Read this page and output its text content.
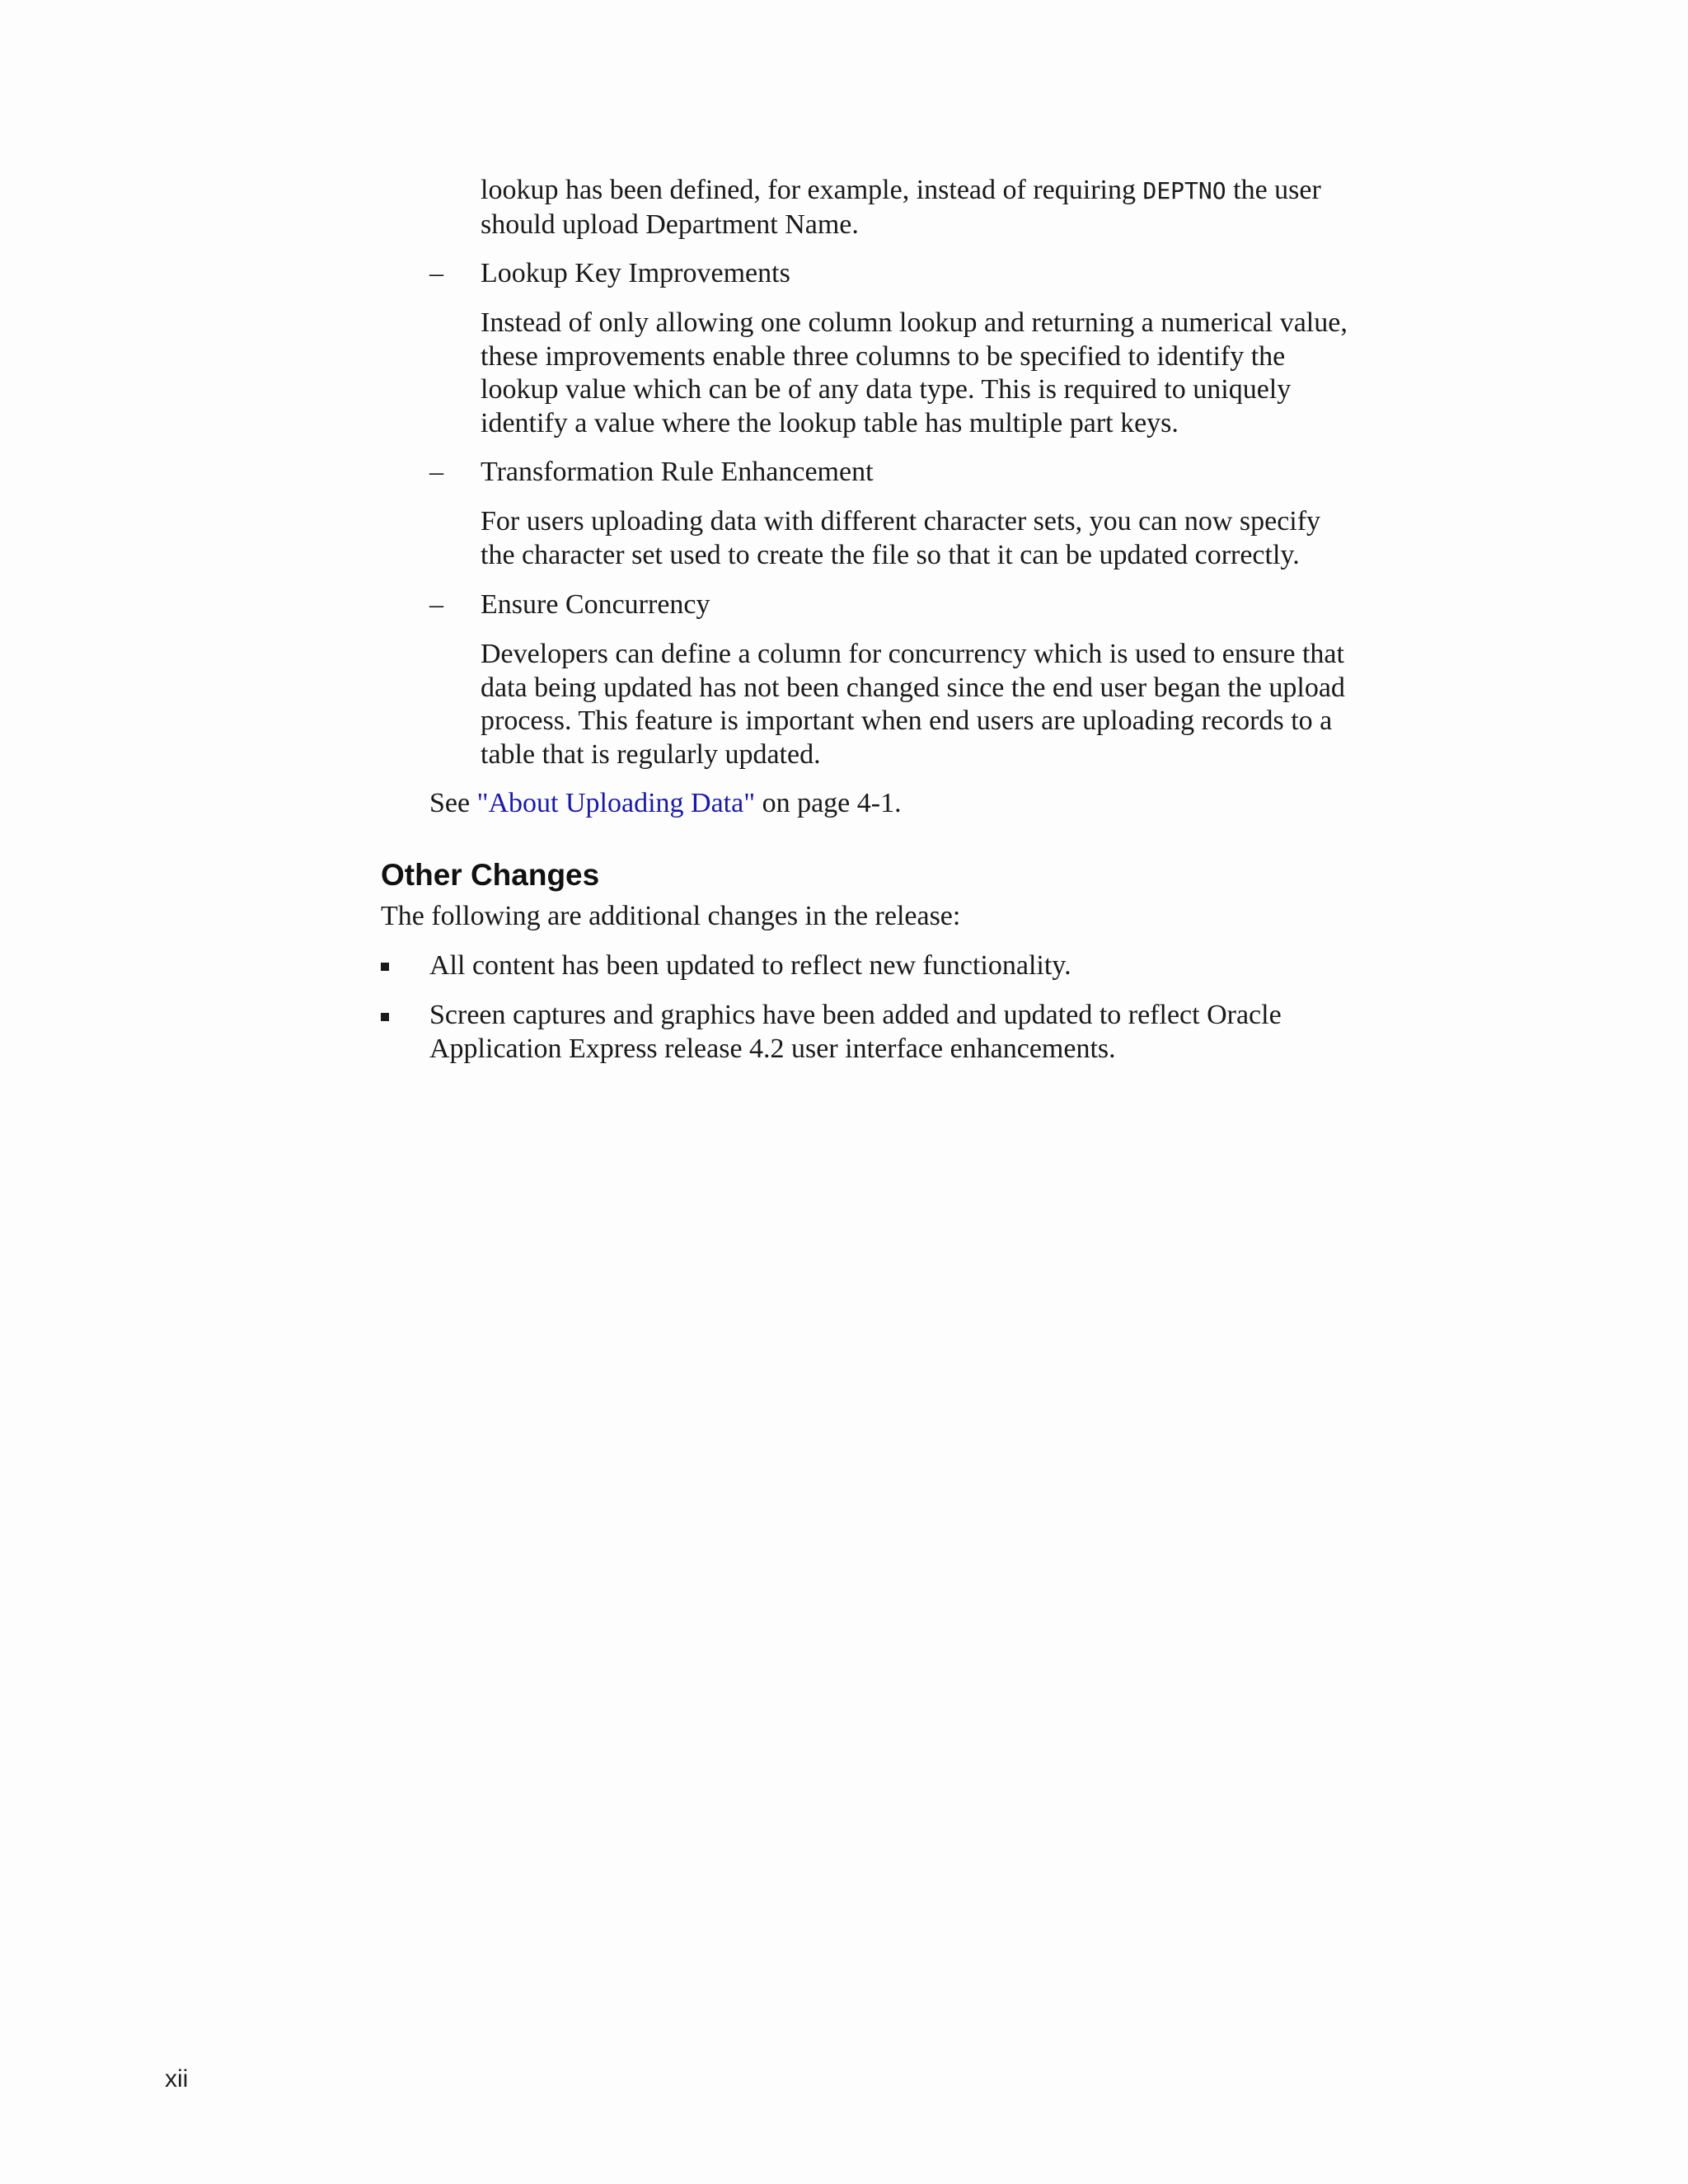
lookup has been defined, for example, instead of requiring DEPTNO the user
should upload Department Name.

– Lookup Key Improvements

Instead of only allowing one column lookup and returning a numerical value,
these improvements enable three columns to be specified to identify the
lookup value which can be of any data type. This is required to uniquely
identify a value where the lookup table has multiple part keys.

– Transformation Rule Enhancement

For users uploading data with different character sets, you can now specify
the character set used to create the file so that it can be updated correctly.

– Ensure Concurrency

Developers can define a column for concurrency which is used to ensure that
data being updated has not been changed since the end user began the upload
process. This feature is important when end users are uploading records to a
table that is regularly updated.

See "About Uploading Data" on page 4-1.

Other Changes

The following are additional changes in the release:

All content has been updated to reflect new functionality.

Screen captures and graphics have been added and updated to reflect Oracle
Application Express release 4.2 user interface enhancements.

xii
